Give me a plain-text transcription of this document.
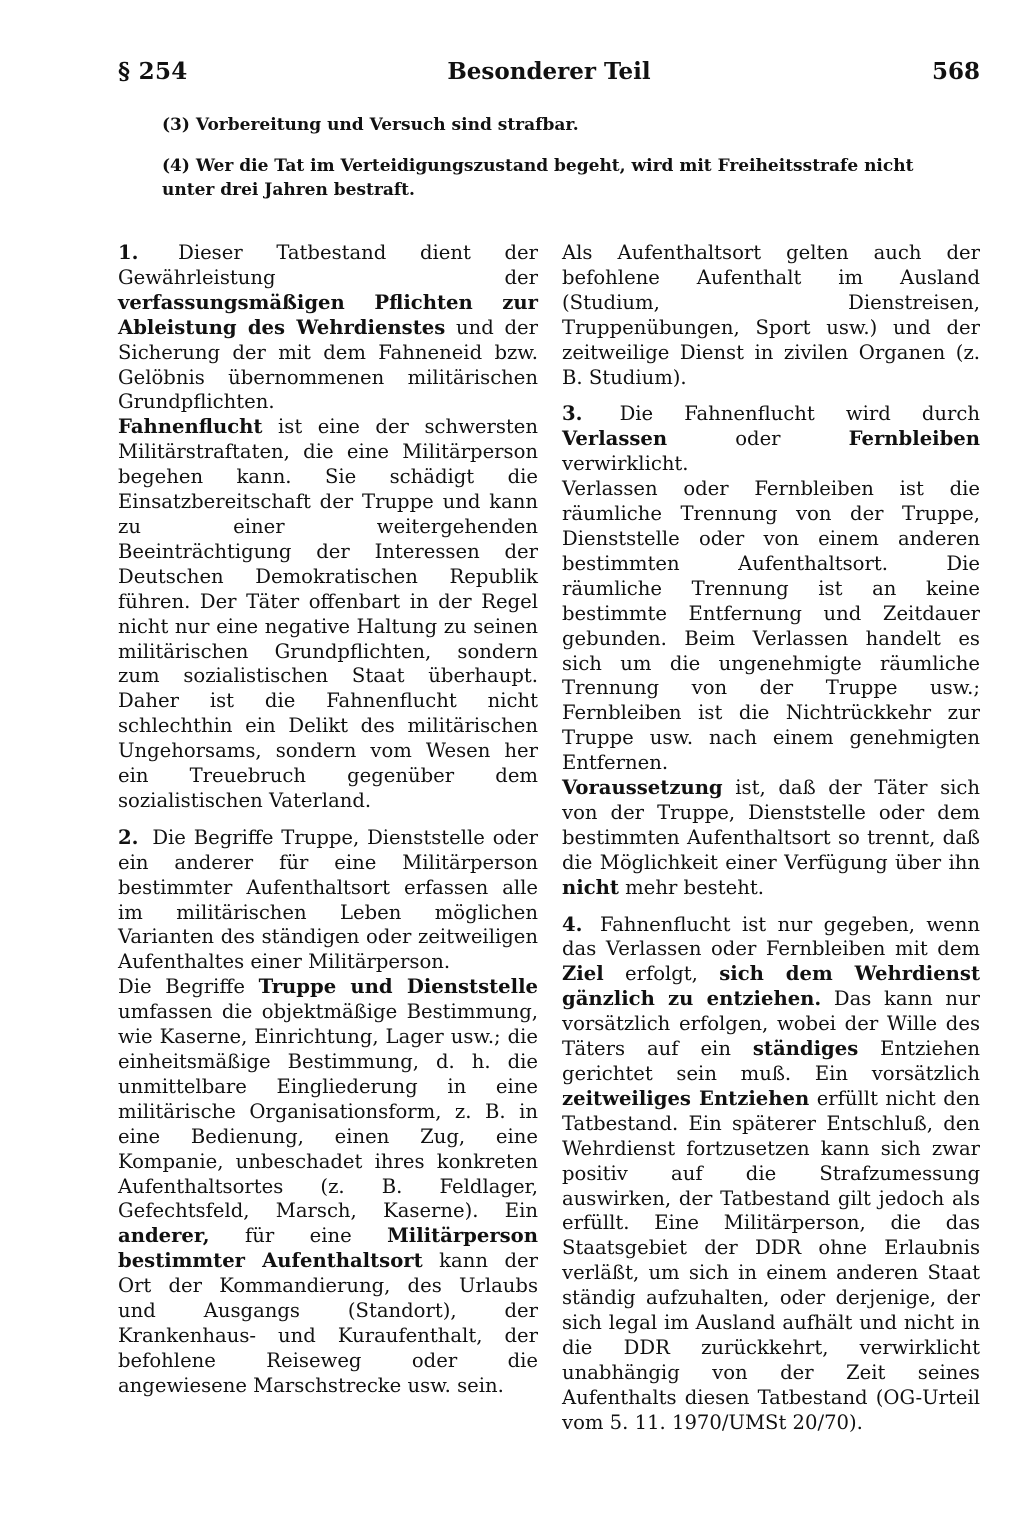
§ 254	Besonderer Teil	568
(3) Vorbereitung und Versuch sind strafbar.
(4) Wer die Tat im Verteidigungszustand begeht, wird mit Freiheitsstrafe nicht unter drei Jahren bestraft.

1. Dieser Tatbestand dient der Gewährleistung der verfassungsmäßigen Pflichten zur Ableistung des Wehrdienstes und der Sicherung der mit dem Fahneneid bzw. Gelöbnis übernommenen militärischen Grundpflichten.

Fahnenflucht ist eine der schwersten Militärstraftaten, die eine Militärperson begehen kann. Sie schädigt die Einsatzbereitschaft der Truppe und kann zu einer weitergehenden Beeinträchtigung der Interessen der Deutschen Demokratischen Republik führen. Der Täter offenbart in der Regel nicht nur eine negative Haltung zu seinen militärischen Grundpflichten, sondern zum sozialistischen Staat überhaupt. Daher ist die Fahnenflucht nicht schlechthin ein Delikt des militärischen Ungehorsams, sondern vom Wesen her ein Treuebruch gegenüber dem sozialistischen Vaterland.

2. Die Begriffe Truppe, Dienststelle oder ein anderer für eine Militärperson bestimmter Aufenthaltsort erfassen alle im militärischen Leben möglichen Varianten des ständigen oder zeitweiligen Aufenthaltes einer Militärperson.

Die Begriffe Truppe und Dienststelle umfassen die objektmäßige Bestimmung, wie Kaserne, Einrichtung, Lager usw.; die einheitsmäßige Bestimmung, d. h. die unmittelbare Eingliederung in eine militärische Organisationsform, z. B. in eine Bedienung, einen Zug, eine Kompanie, unbeschadet ihres konkreten Aufenthaltsortes (z. B. Feldlager, Gefechtsfeld, Marsch, Kaserne). Ein anderer, für eine Militärperson bestimmter Aufenthaltsort kann der Ort der Kommandierung, des Urlaubs und Ausgangs (Standort), der Krankenhaus- und Kuraufenthalt, der befohlene Reiseweg oder die angewiesene Marschstrecke usw. sein.

Als Aufenthaltsort gelten auch der befohlene Aufenthalt im Ausland (Studium, Dienstreisen, Truppenübungen, Sport usw.) und der zeitweilige Dienst in zivilen Organen (z. B. Studium).

3. Die Fahnenflucht wird durch Verlassen	oder	Fernbleiben verwirklicht.

Verlassen oder Fernbleiben ist die räumliche Trennung von der Truppe, Dienststelle oder von einem anderen bestimmten Aufenthaltsort. Die räumliche Trennung ist an keine bestimmte Entfernung und Zeitdauer gebunden. Beim Verlassen handelt es sich um die ungenehmigte räumliche Trennung von der Truppe usw.; Fernbleiben ist die Nichtrückkehr zur Truppe usw. nach einem genehmigten Entfernen.

Voraussetzung ist, daß der Täter sich von der Truppe, Dienststelle oder dem bestimmten Aufenthaltsort so trennt, daß die Möglichkeit einer Verfügung über ihn nicht mehr besteht.

4. Fahnenflucht ist nur gegeben, wenn das Verlassen oder Fernbleiben mit dem Ziel erfolgt, sich dem Wehrdienst gänzlich zu entziehen. Das kann nur vorsätzlich erfolgen, wobei der Wille des Täters auf ein ständiges Entziehen gerichtet sein muß. Ein vorsätzlich zeitweiliges Entziehen erfüllt nicht den Tatbestand. Ein späterer Entschluß, den Wehrdienst fortzusetzen kann sich zwar positiv auf die Strafzumessung auswirken, der Tatbestand gilt jedoch als erfüllt. Eine Militärperson, die das Staatsgebiet der DDR ohne Erlaubnis verläßt, um sich in einem anderen Staat ständig aufzuhalten, oder derjenige, der sich legal im Ausland aufhält und nicht in die DDR zurückkehrt, verwirklicht unabhängig von der Zeit seines Aufenthalts diesen Tatbestand (OG-Urteil vom 5. 11. 1970/UMSt 20/70).
